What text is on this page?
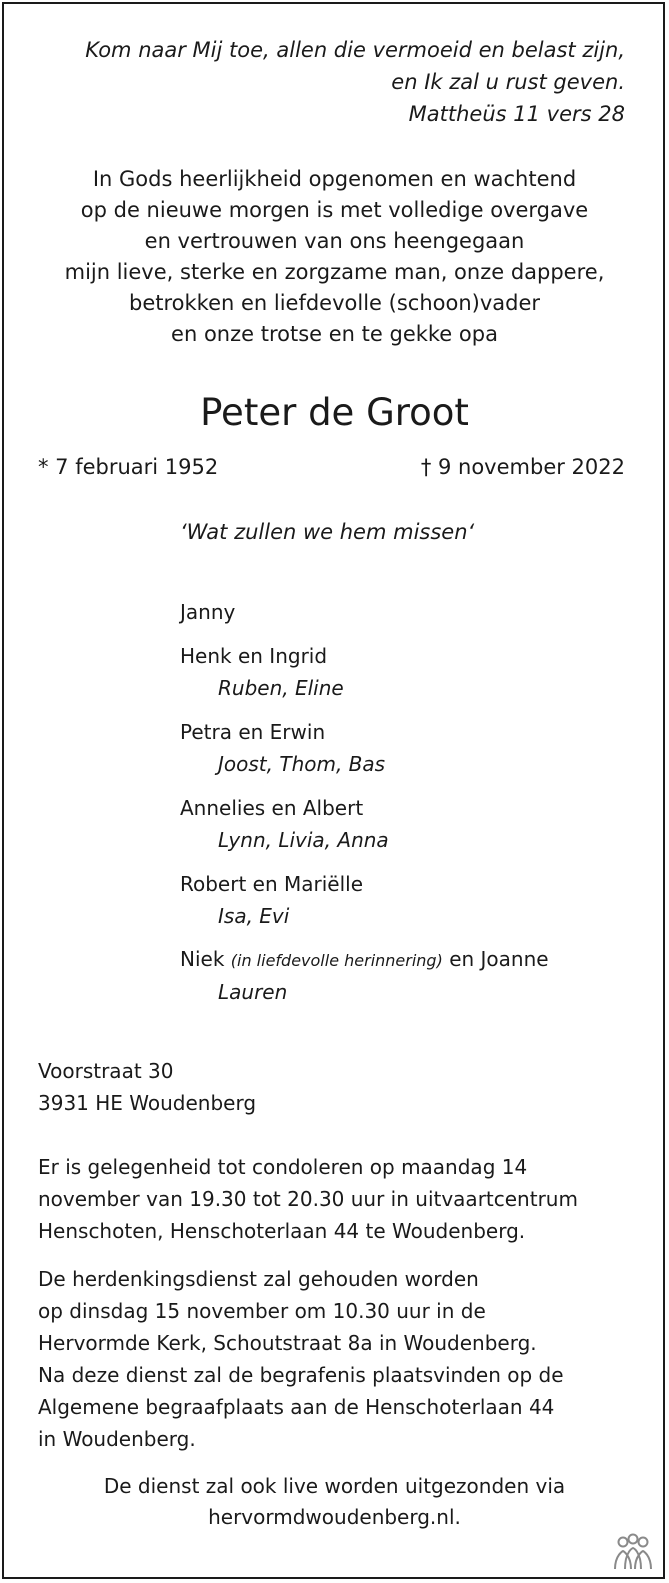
Kom naar Mij toe, allen die vermoeid en belast zijn,
en Ik zal u rust geven.
Mattheüs 11 vers 28
In Gods heerlijkheid opgenomen en wachtend
op de nieuwe morgen is met volledige overgave
en vertrouwen van ons heengegaan
mijn lieve, sterke en zorgzame man, onze dappere,
betrokken en liefdevolle (schoon)vader
en onze trotse en te gekke opa
Peter de Groot
* 7 februari 1952	† 9 november 2022
‘Wat zullen we hem missen‘
Janny
Henk en Ingrid
Ruben, Eline
Petra en Erwin
Joost, Thom, Bas
Annelies en Albert
Lynn, Livia, Anna
Robert en Mariëlle
Isa, Evi
Niek (in liefdevolle herinnering) en Joanne
Lauren
Voorstraat 30
3931 HE Woudenberg
Er is gelegenheid tot condoleren op maandag 14
november van 19.30 tot 20.30 uur in uitvaartcentrum
Henschoten, Henschoterlaan 44 te Woudenberg.
De herdenkingsdienst zal gehouden worden
op dinsdag 15 november om 10.30 uur in de
Hervormde Kerk, Schoutstraat 8a in Woudenberg.
Na deze dienst zal de begrafenis plaatsvinden op de
Algemene begraafplaats aan de Henschoterlaan 44
in Woudenberg.
De dienst zal ook live worden uitgezonden via
hervormdwoudenberg.nl.
